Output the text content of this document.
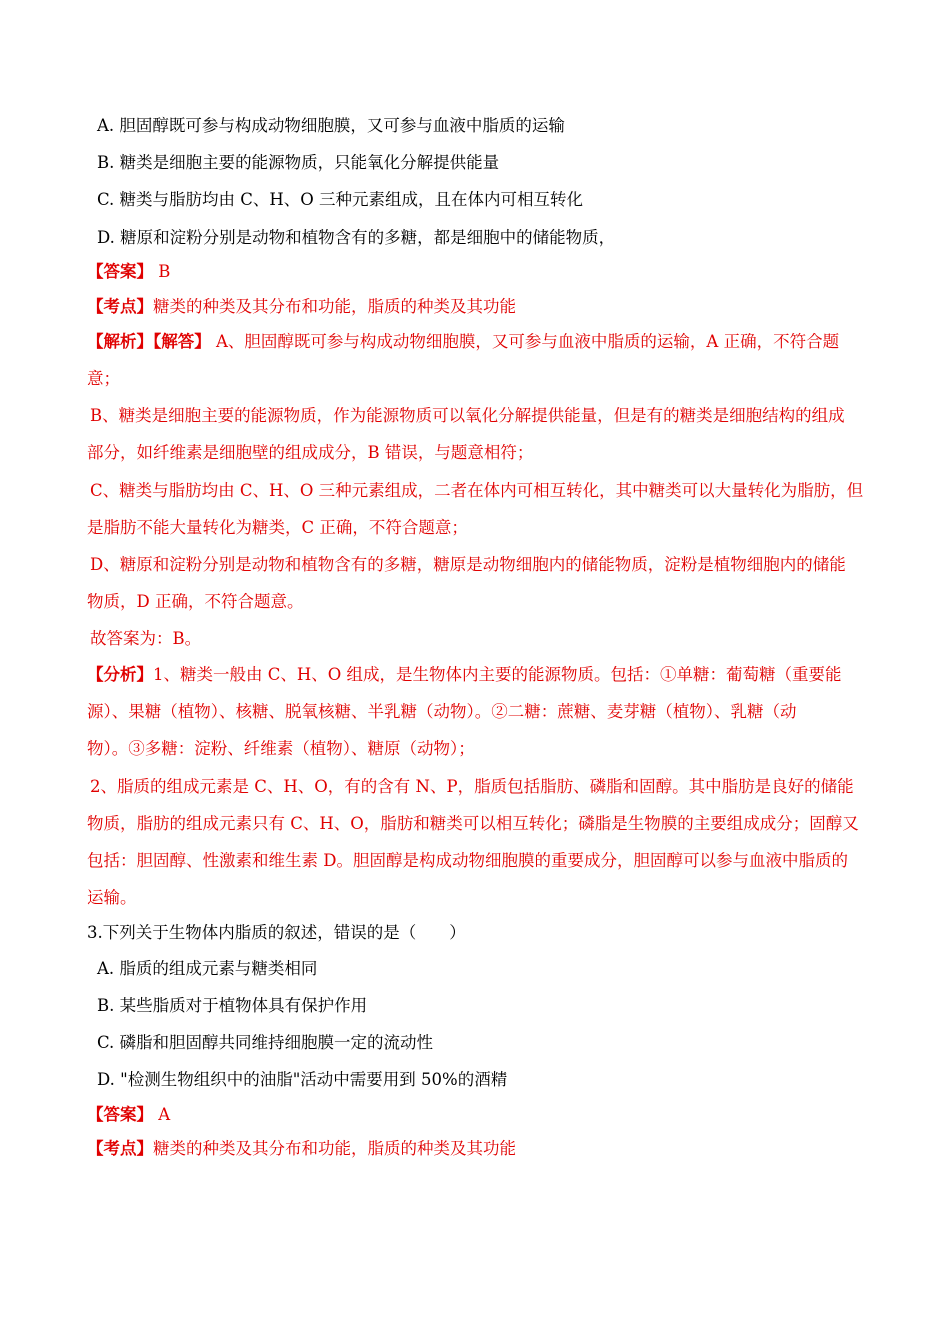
A. 胆固醇既可参与构成动物细胞膜，又可参与血液中脂质的运输
B. 糖类是细胞主要的能源物质，只能氧化分解提供能量
C. 糖类与脂肪均由 C、H、O 三种元素组成，且在体内可相互转化
D. 糖原和淀粉分别是动物和植物含有的多糖，都是细胞中的储能物质，
【答案】 B
【考点】糖类的种类及其分布和功能，脂质的种类及其功能
【解析】【解答】 A、胆固醇既可参与构成动物细胞膜，又可参与血液中脂质的运输，A 正确，不符合题
意；
B、糖类是细胞主要的能源物质，作为能源物质可以氧化分解提供能量，但是有的糖类是细胞结构的组成
部分，如纤维素是细胞壁的组成成分，B 错误，与题意相符；
C、糖类与脂肪均由 C、H、O 三种元素组成，二者在体内可相互转化，其中糖类可以大量转化为脂肪，但
是脂肪不能大量转化为糖类，C 正确，不符合题意；
D、糖原和淀粉分别是动物和植物含有的多糖，糖原是动物细胞内的储能物质，淀粉是植物细胞内的储能
物质，D 正确，不符合题意。
故答案为：B。
【分析】1、糖类一般由 C、H、O 组成，是生物体内主要的能源物质。包括：①单糖：葡萄糖（重要能
源）、果糖（植物）、核糖、脱氧核糖、半乳糖（动物）。②二糖：蔗糖、麦芽糖（植物）、乳糖（动
物）。③多糖：淀粉、纤维素（植物）、糖原（动物）；
2、脂质的组成元素是 C、H、O，有的含有 N、P，脂质包括脂肪、磷脂和固醇。其中脂肪是良好的储能
物质，脂肪的组成元素只有 C、H、O，脂肪和糖类可以相互转化；磷脂是生物膜的主要组成成分；固醇又
包括：胆固醇、性激素和维生素 D。胆固醇是构成动物细胞膜的重要成分，胆固醇可以参与血液中脂质的
运输。
3.下列关于生物体内脂质的叙述，错误的是（　　）
A. 脂质的组成元素与糖类相同
B. 某些脂质对于植物体具有保护作用
C. 磷脂和胆固醇共同维持细胞膜一定的流动性
D. "检测生物组织中的油脂"活动中需要用到 50%的酒精
【答案】 A
【考点】糖类的种类及其分布和功能，脂质的种类及其功能
